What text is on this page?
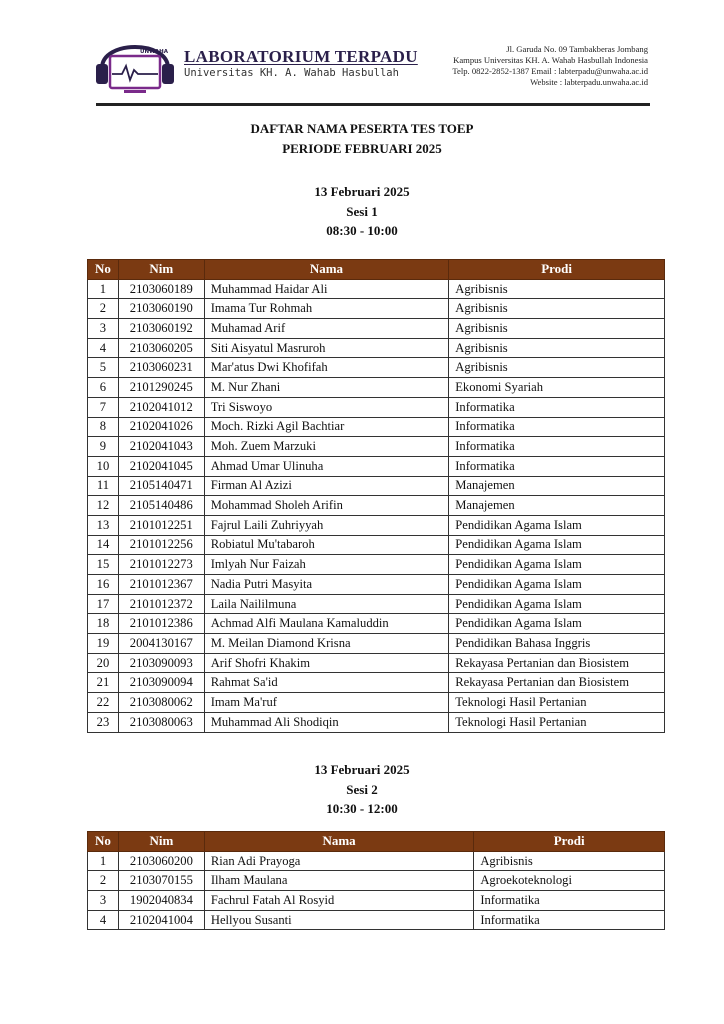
UNWAHA LABORATORIUM TERPADU
Universitas KH. A. Wahab Hasbullah
Jl. Garuda No. 09 Tambakberas Jombang
Kampus Universitas KH. A. Wahab Hasbullah Indonesia
Telp. 0822-2852-1387 Email : labterpadu@unwaha.ac.id
Website : labterpadu.unwaha.ac.id
DAFTAR NAMA PESERTA TES TOEP
PERIODE FEBRUARI 2025
13 Februari 2025
Sesi 1
08:30 - 10:00
No	Nim	Nama	Prodi
1	2103060189	Muhammad Haidar Ali	Agribisnis
2	2103060190	Imama Tur Rohmah	Agribisnis
3	2103060192	Muhamad Arif	Agribisnis
4	2103060205	Siti Aisyatul Masruroh	Agribisnis
5	2103060231	Mar'atus Dwi Khofifah	Agribisnis
6	2101290245	M. Nur Zhani	Ekonomi Syariah
7	2102041012	Tri Siswoyo	Informatika
8	2102041026	Moch. Rizki Agil Bachtiar	Informatika
9	2102041043	Moh. Zuem Marzuki	Informatika
10	2102041045	Ahmad Umar Ulinuha	Informatika
11	2105140471	Firman Al Azizi	Manajemen
12	2105140486	Mohammad Sholeh Arifin	Manajemen
13	2101012251	Fajrul Laili Zuhriyyah	Pendidikan Agama Islam
14	2101012256	Robiatul Mu'tabaroh	Pendidikan Agama Islam
15	2101012273	Imlyah Nur Faizah	Pendidikan Agama Islam
16	2101012367	Nadia Putri Masyita	Pendidikan Agama Islam
17	2101012372	Laila Naililmuna	Pendidikan Agama Islam
18	2101012386	Achmad Alfi Maulana Kamaluddin	Pendidikan Agama Islam
19	2004130167	M. Meilan Diamond Krisna	Pendidikan Bahasa Inggris
20	2103090093	Arif Shofri Khakim	Rekayasa Pertanian dan Biosistem
21	2103090094	Rahmat Sa'id	Rekayasa Pertanian dan Biosistem
22	2103080062	Imam Ma'ruf	Teknologi Hasil Pertanian
23	2103080063	Muhammad Ali Shodiqin	Teknologi Hasil Pertanian
13 Februari 2025
Sesi 2
10:30 - 12:00
No	Nim	Nama	Prodi
1	2103060200	Rian Adi Prayoga	Agribisnis
2	2103070155	Ilham Maulana	Agroekoteknologi
3	1902040834	Fachrul Fatah Al Rosyid	Informatika
4	2102041004	Hellyou Susanti	Informatika
